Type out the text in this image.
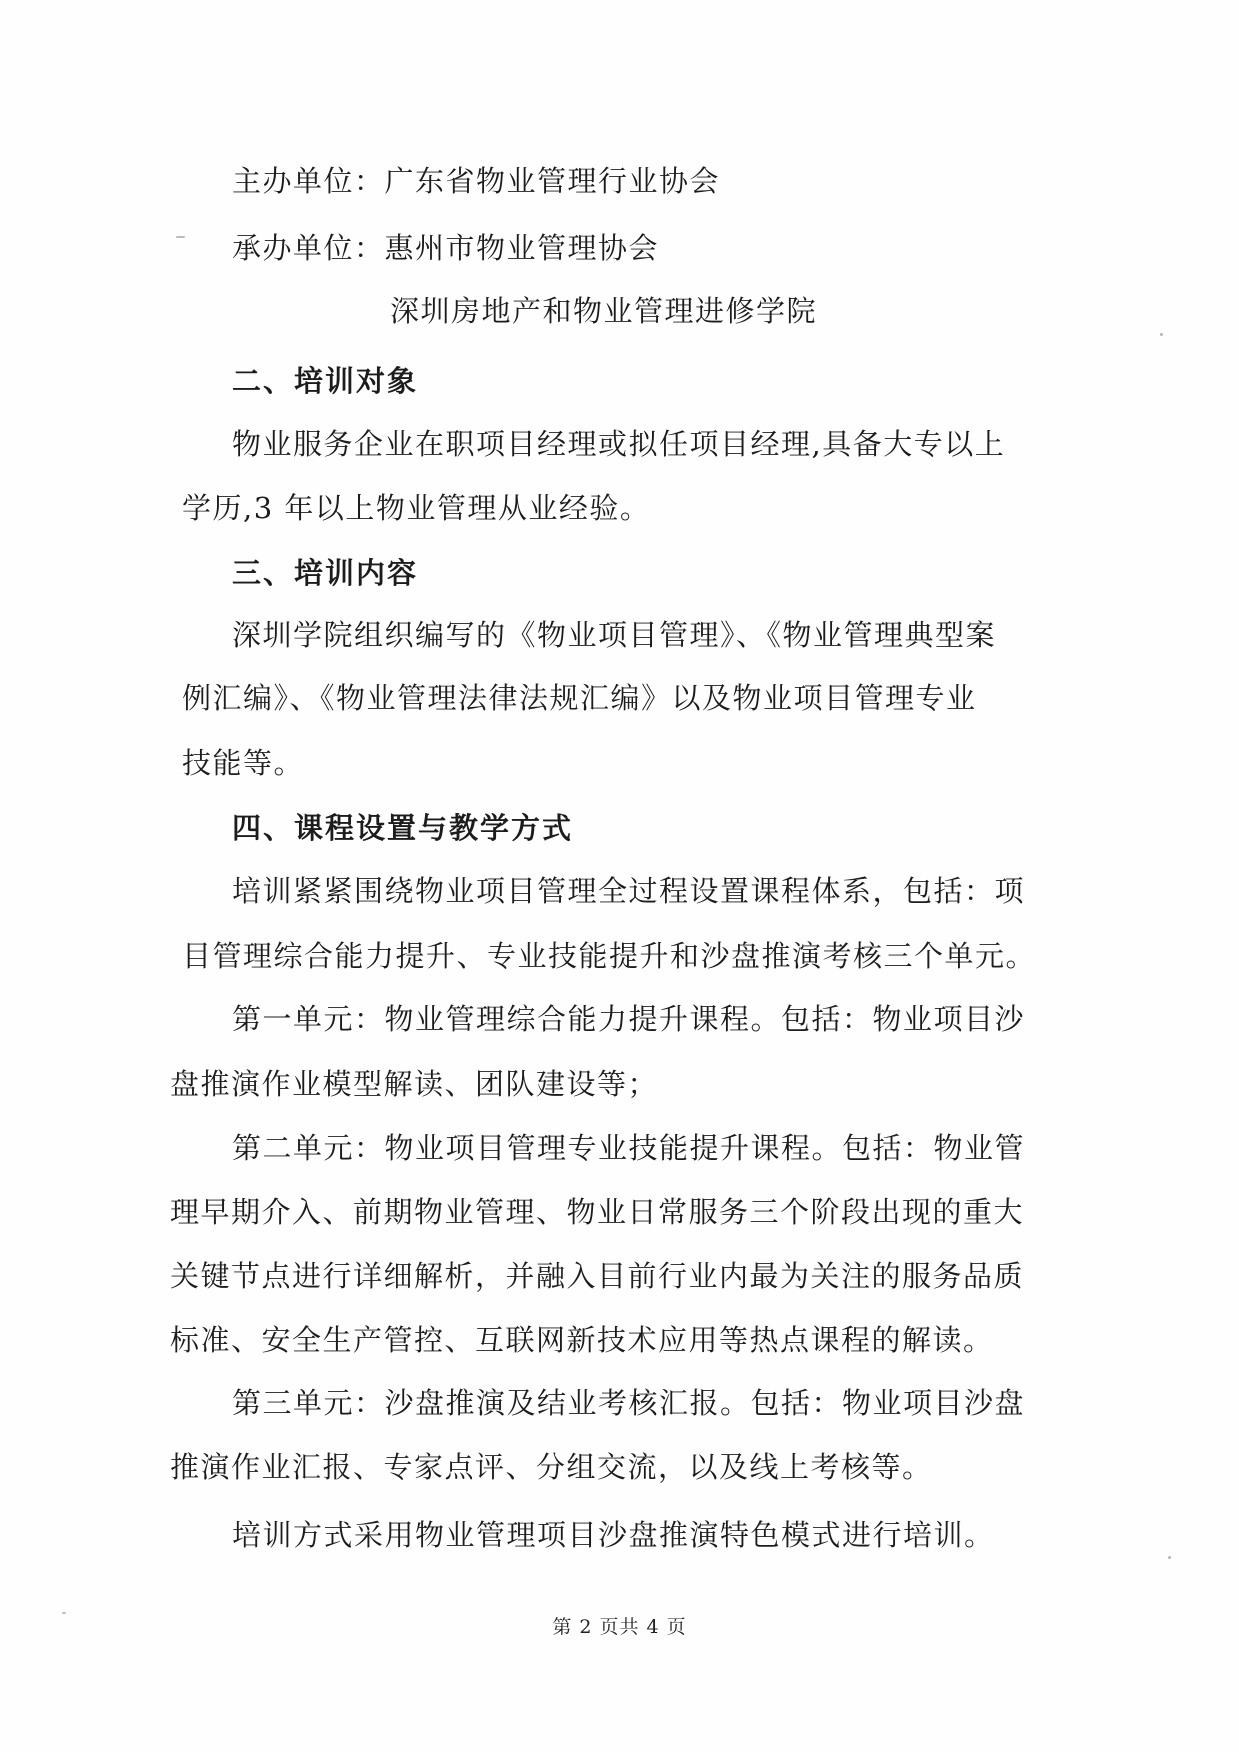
主办单位：广东省物业管理行业协会
承办单位：惠州市物业管理协会
深圳房地产和物业管理进修学院
二、培训对象
物业服务企业在职项目经理或拟任项目经理,具备大专以上
学历,3 年以上物业管理从业经验。
三、培训内容
深圳学院组织编写的《物业项目管理》、《物业管理典型案
例汇编》、《物业管理法律法规汇编》以及物业项目管理专业
技能等。
四、课程设置与教学方式
培训紧紧围绕物业项目管理全过程设置课程体系，包括：项
目管理综合能力提升、专业技能提升和沙盘推演考核三个单元。
第一单元：物业管理综合能力提升课程。包括：物业项目沙
盘推演作业模型解读、团队建设等；
第二单元：物业项目管理专业技能提升课程。包括：物业管
理早期介入、前期物业管理、物业日常服务三个阶段出现的重大
关键节点进行详细解析，并融入目前行业内最为关注的服务品质
标准、安全生产管控、互联网新技术应用等热点课程的解读。
第三单元：沙盘推演及结业考核汇报。包括：物业项目沙盘
推演作业汇报、专家点评、分组交流，以及线上考核等。
培训方式采用物业管理项目沙盘推演特色模式进行培训。
第 2 页共 4 页
